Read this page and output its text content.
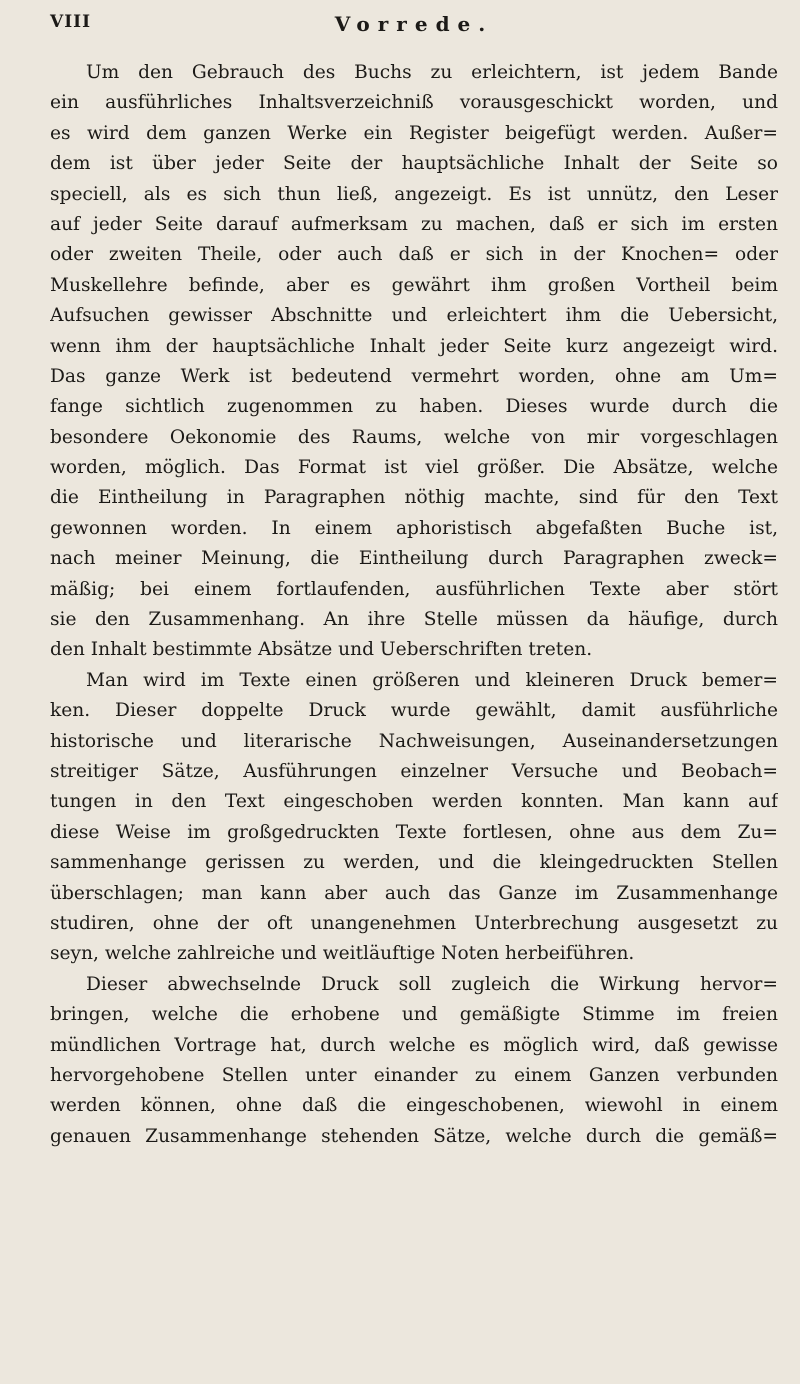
VIII	Vorrede.
Um den Gebrauch des Buchs zu erleichtern, ist jedem Bande
ein ausführliches Inhaltsverzeichniß vorausgeschickt worden, und
es wird dem ganzen Werke ein Register beigefügt werden. Außer=
dem ist über jeder Seite der hauptsächliche Inhalt der Seite so
speciell, als es sich thun ließ, angezeigt. Es ist unnütz, den Leser
auf jeder Seite darauf aufmerksam zu machen, daß er sich im ersten
oder zweiten Theile, oder auch daß er sich in der Knochen= oder
Muskellehre befinde, aber es gewährt ihm großen Vortheil beim
Aufsuchen gewisser Abschnitte und erleichtert ihm die Uebersicht,
wenn ihm der hauptsächliche Inhalt jeder Seite kurz angezeigt wird.
Das ganze Werk ist bedeutend vermehrt worden, ohne am Um=
fange sichtlich zugenommen zu haben. Dieses wurde durch die
besondere Oekonomie des Raums, welche von mir vorgeschlagen
worden, möglich. Das Format ist viel größer. Die Absätze, welche
die Eintheilung in Paragraphen nöthig machte, sind für den Text
gewonnen worden. In einem aphoristisch abgefaßten Buche ist,
nach meiner Meinung, die Eintheilung durch Paragraphen zweck=
mäßig; bei einem fortlaufenden, ausführlichen Texte aber stört
sie den Zusammenhang. An ihre Stelle müssen da häufige, durch
den Inhalt bestimmte Absätze und Ueberschriften treten.
Man wird im Texte einen größeren und kleineren Druck bemer=
ken. Dieser doppelte Druck wurde gewählt, damit ausführliche
historische und literarische Nachweisungen, Auseinandersetzungen
streitiger Sätze, Ausführungen einzelner Versuche und Beobach=
tungen in den Text eingeschoben werden konnten. Man kann auf
diese Weise im großgedruckten Texte fortlesen, ohne aus dem Zu=
sammenhange gerissen zu werden, und die kleingedruckten Stellen
überschlagen; man kann aber auch das Ganze im Zusammenhange
studiren, ohne der oft unangenehmen Unterbrechung ausgesetzt zu
seyn, welche zahlreiche und weitläuftige Noten herbeiführen.
Dieser abwechselnde Druck soll zugleich die Wirkung hervor=
bringen, welche die erhobene und gemäßigte Stimme im freien
mündlichen Vortrage hat, durch welche es möglich wird, daß gewisse
hervorgehobene Stellen unter einander zu einem Ganzen verbunden
werden können, ohne daß die eingeschobenen, wiewohl in einem
genauen Zusammenhange stehenden Sätze, welche durch die gemäß=
